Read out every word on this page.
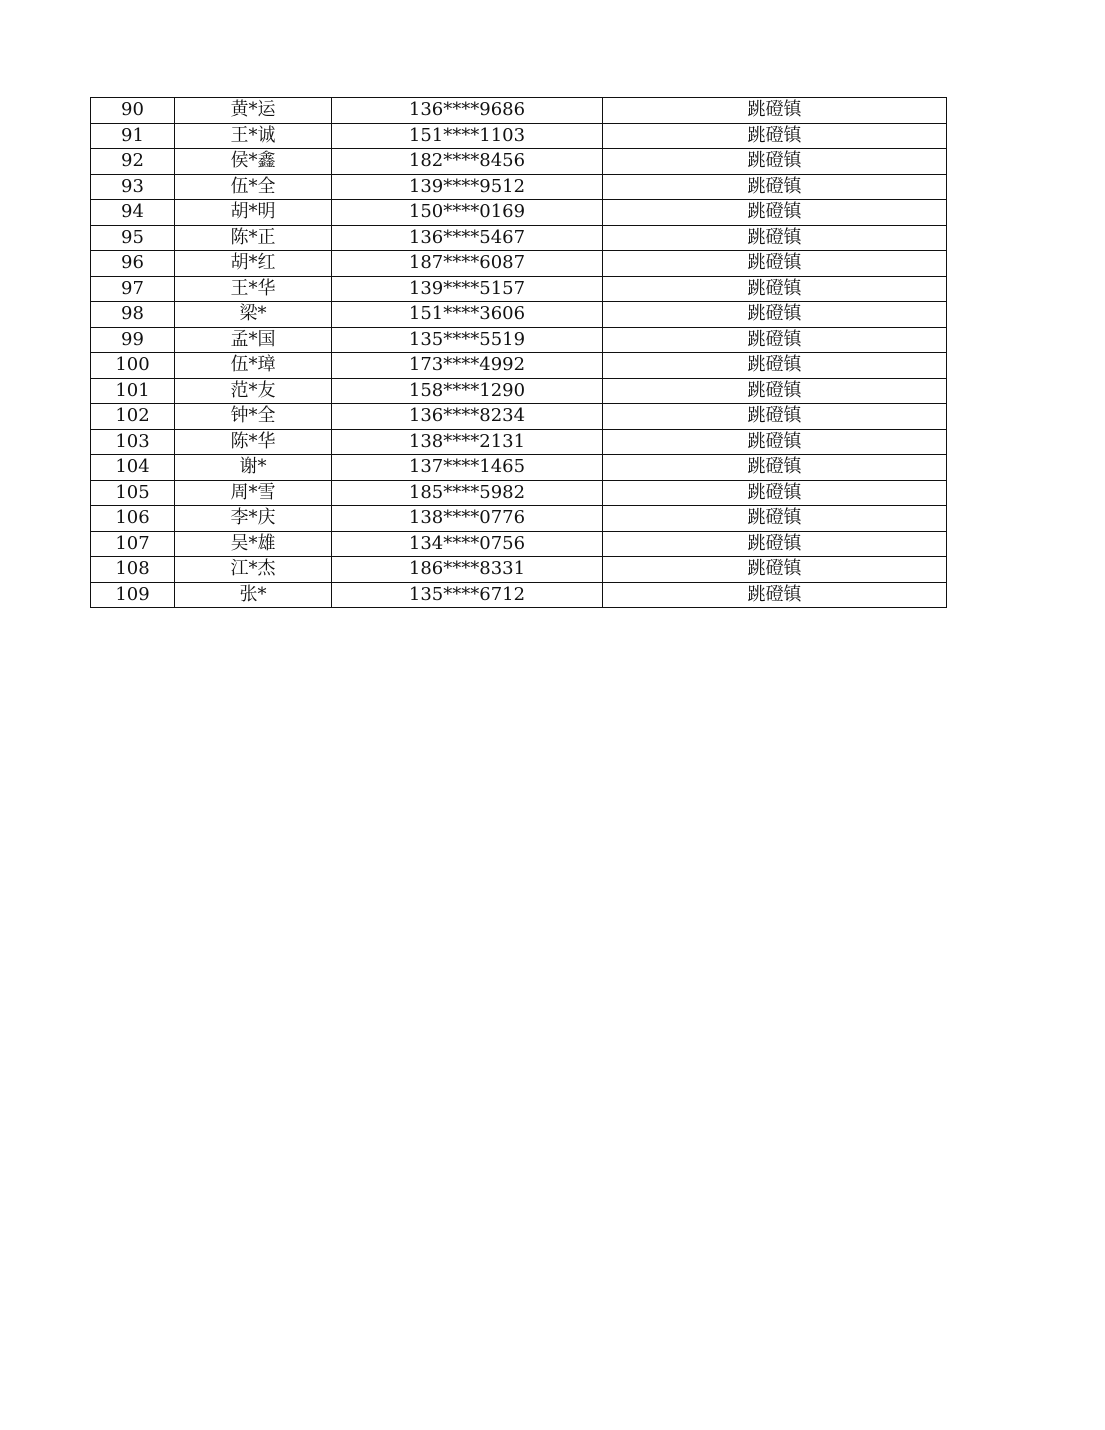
90	黄*运	136****9686	跳磴镇
91	王*诚	151****1103	跳磴镇
92	侯*鑫	182****8456	跳磴镇
93	伍*全	139****9512	跳磴镇
94	胡*明	150****0169	跳磴镇
95	陈*正	136****5467	跳磴镇
96	胡*红	187****6087	跳磴镇
97	王*华	139****5157	跳磴镇
98	梁*	151****3606	跳磴镇
99	孟*国	135****5519	跳磴镇
100	伍*璋	173****4992	跳磴镇
101	范*友	158****1290	跳磴镇
102	钟*全	136****8234	跳磴镇
103	陈*华	138****2131	跳磴镇
104	谢*	137****1465	跳磴镇
105	周*雪	185****5982	跳磴镇
106	李*庆	138****0776	跳磴镇
107	吴*雄	134****0756	跳磴镇
108	江*杰	186****8331	跳磴镇
109	张*	135****6712	跳磴镇
